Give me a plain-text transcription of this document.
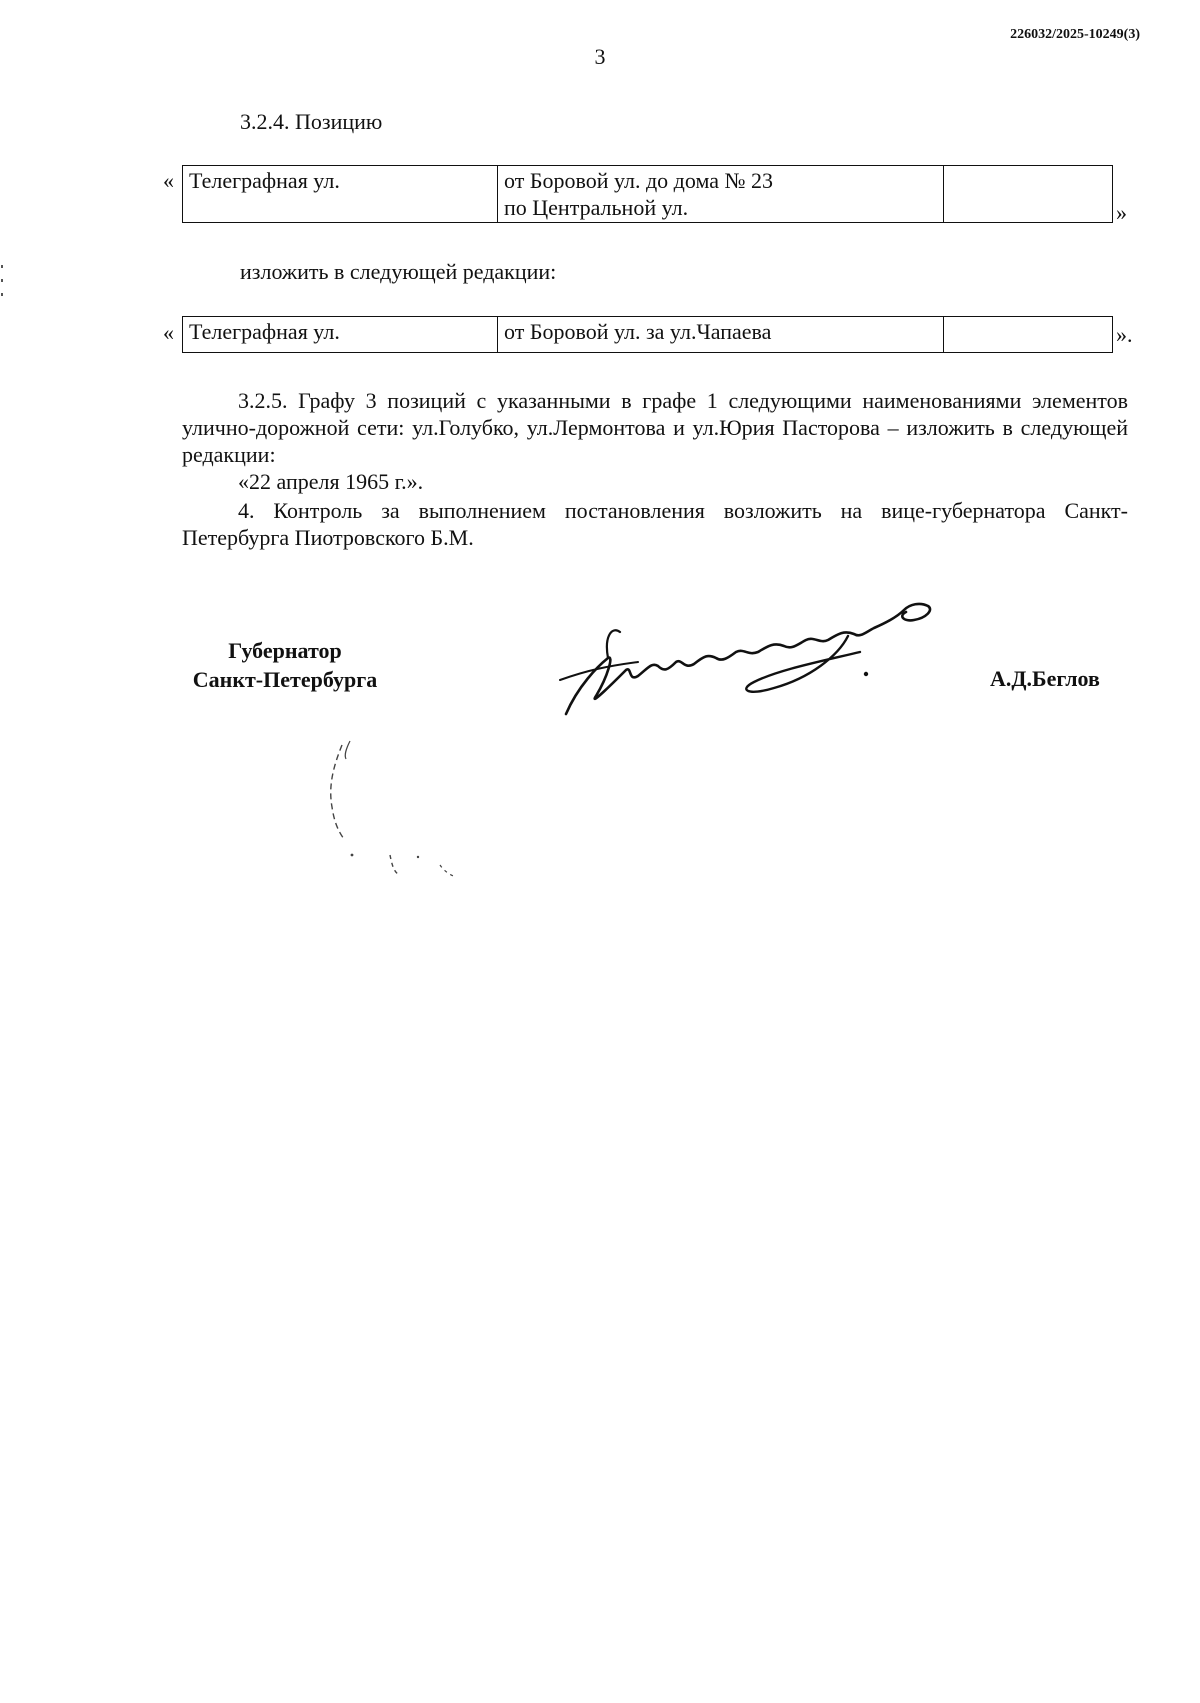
226032/2025-10249(3)
3
3.2.4. Позицию
« Телеграфная ул.	от Боровой ул. до дома № 23
по Центральной ул.
		»
изложить в следующей редакции:
« Телеграфная ул.	от Боровой ул. за ул.Чапаева		».
3.2.5. Графу 3 позиций с указанными в графе 1 следующими наименованиями элементов улично-дорожной сети: ул.Голубко, ул.Лермонтова и ул.Юрия Пасторова – изложить в следующей редакции:
«22 апреля 1965 г.».
4. Контроль за выполнением постановления возложить на вице-губернатора Санкт-Петербурга Пиотровского Б.М.
Губернатор
Санкт-Петербурга	А.Д.Беглов
